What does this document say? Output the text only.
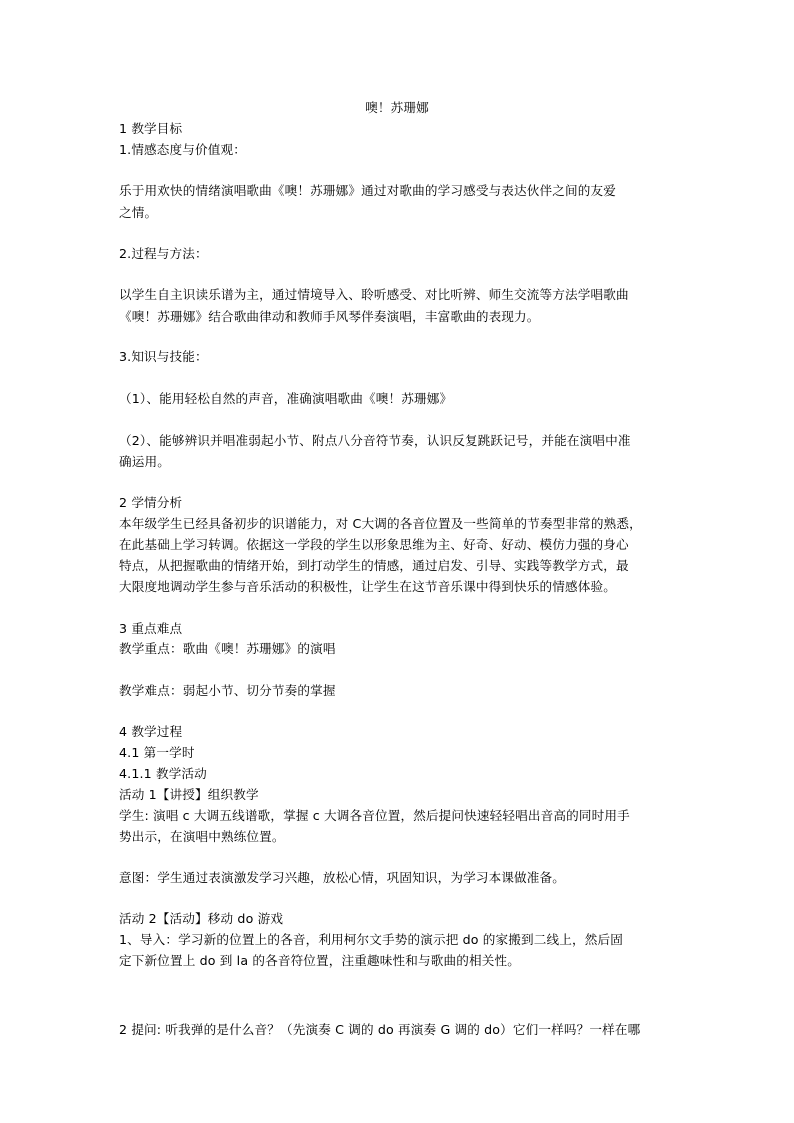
噢！苏珊娜
1 教学目标
1.情感态度与价值观：
乐于用欢快的情绪演唱歌曲《噢！苏珊娜》通过对歌曲的学习感受与表达伙伴之间的友爱
之情。
2.过程与方法：
以学生自主识读乐谱为主，通过情境导入、聆听感受、对比听辨、师生交流等方法学唱歌曲
《噢！苏珊娜》结合歌曲律动和教师手风琴伴奏演唱，丰富歌曲的表现力。
3.知识与技能：
（1）、能用轻松自然的声音，准确演唱歌曲《噢！苏珊娜》
（2）、能够辨识并唱准弱起小节、附点八分音符节奏，认识反复跳跃记号，并能在演唱中准
确运用。
2 学情分析
本年级学生已经具备初步的识谱能力，对 C大调的各音位置及一些简单的节奏型非常的熟悉，
在此基础上学习转调。依据这一学段的学生以形象思维为主、好奇、好动、模仿力强的身心
特点，从把握歌曲的情绪开始，到打动学生的情感，通过启发、引导、实践等教学方式，最
大限度地调动学生参与音乐活动的积极性，让学生在这节音乐课中得到快乐的情感体验。
3 重点难点
教学重点：歌曲《噢！苏珊娜》的演唱
教学难点：弱起小节、切分节奏的掌握
4 教学过程
4.1 第一学时
4.1.1 教学活动
活动 1【讲授】组织教学
学生: 演唱 c 大调五线谱歌，掌握 c 大调各音位置，然后提问快速轻轻唱出音高的同时用手
势出示，在演唱中熟练位置。
意图：学生通过表演激发学习兴趣，放松心情，巩固知识，为学习本课做准备。
活动 2【活动】移动 do 游戏
1、导入：学习新的位置上的各音，利用柯尔文手势的演示把 do 的家搬到二线上，然后固
定下新位置上 do 到 la 的各音符位置，注重趣味性和与歌曲的相关性。
2 提问: 听我弹的是什么音？（先演奏 C 调的 do 再演奏 G 调的 do）它们一样吗？一样在哪
